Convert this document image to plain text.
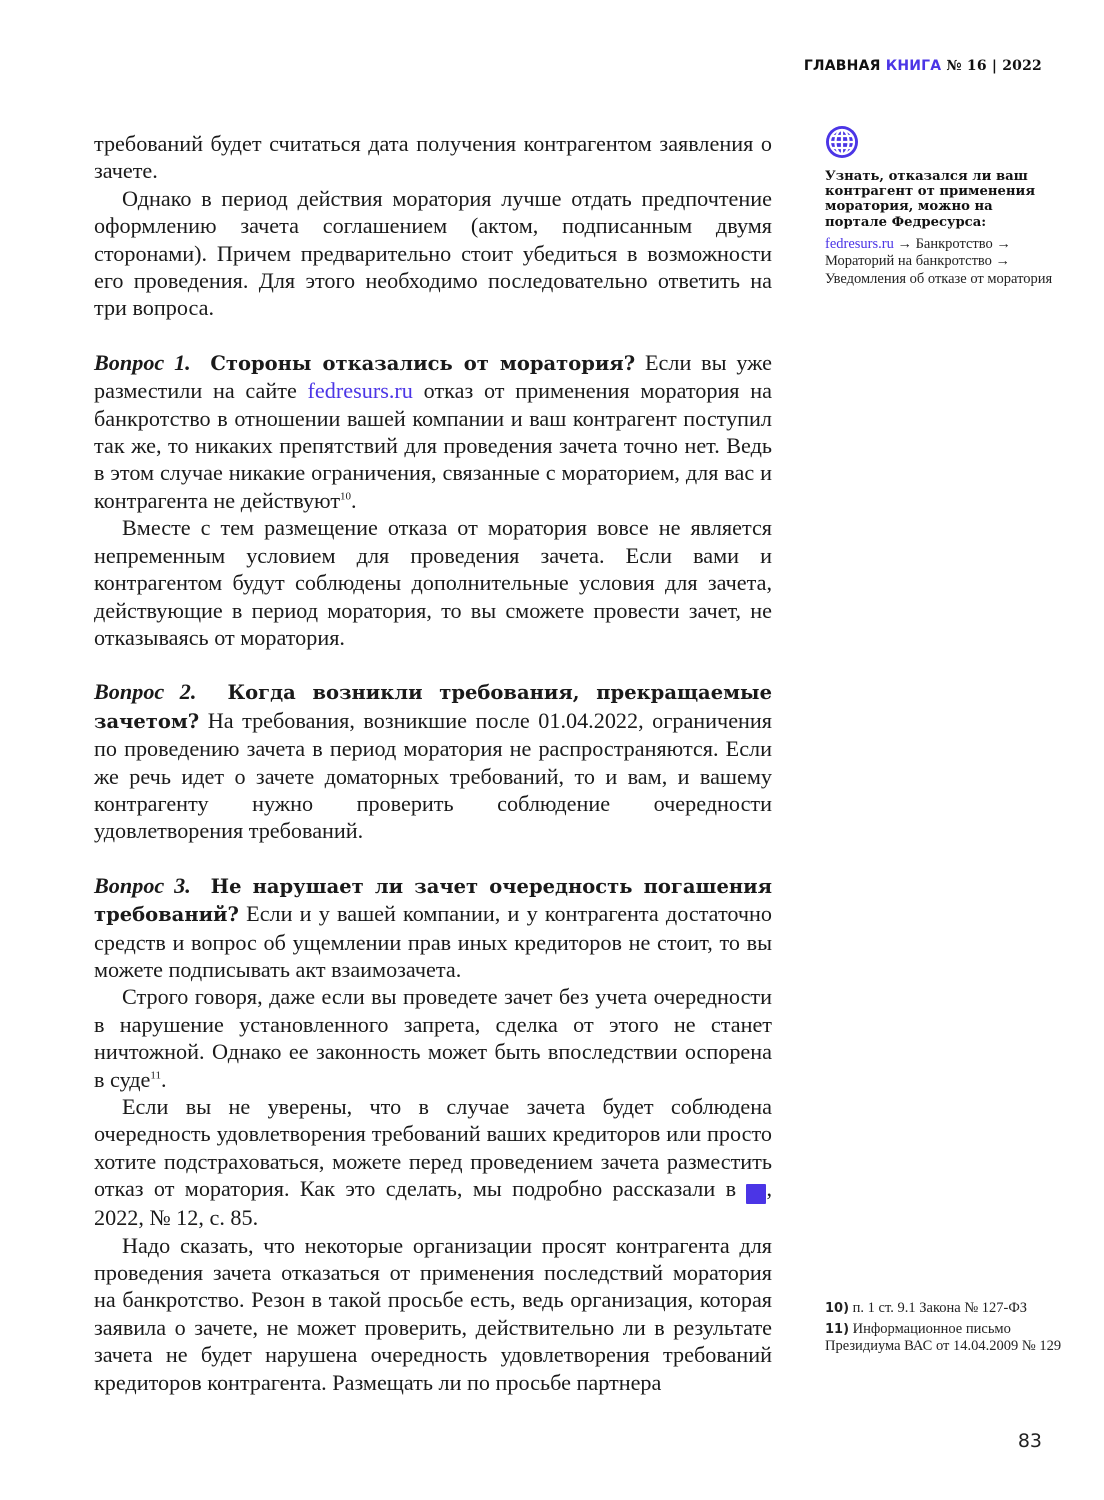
ГЛАВНАЯ КНИГА № 16 | 2022

требований будет считаться дата получения контрагентом заявления о зачете.

Однако в период действия моратория лучше отдать предпочтение оформлению зачета соглашением (актом, подписанным двумя сторонами). Причем предварительно стоит убедиться в возможности его проведения. Для этого необходимо последовательно ответить на три вопроса.

Вопрос 1. Стороны отказались от моратория? Если вы уже разместили на сайте fedresurs.ru отказ от применения моратория на банкротство в отношении вашей компании и ваш контрагент поступил так же, то никаких препятствий для проведения зачета точно нет. Ведь в этом случае никакие ограничения, связанные с мораторием, для вас и контрагента не действуют$^{10}$.

Вместе с тем размещение отказа от моратория вовсе не является непременным условием для проведения зачета. Если вами и контрагентом будут соблюдены дополнительные условия для зачета, действующие в период моратория, то вы сможете провести зачет, не отказываясь от моратория.

Вопрос 2. Когда возникли требования, прекращаемые зачетом? На требования, возникшие после 01.04.2022, ограничения по проведению зачета в период моратория не распространяются. Если же речь идет о зачете доматорных требований, то и вам, и вашему контрагенту нужно проверить соблюдение очередности удовлетворения требований.

Вопрос 3. Не нарушает ли зачет очередность погашения требований? Если и у вашей компании, и у контрагента достаточно средств и вопрос об ущемлении прав иных кредиторов не стоит, то вы можете подписывать акт взаимозачета.

Строго говоря, даже если вы проведете зачет без учета очередности в нарушение установленного запрета, сделка от этого не станет ничтожной. Однако ее законность может быть впоследствии оспорена в суде$^{11}$.

Если вы не уверены, что в случае зачета будет соблюдена очередность удовлетворения требований ваших кредиторов или просто хотите подстраховаться, можете перед проведением зачета разместить отказ от моратория. Как это сделать, мы подробно рассказали в ГК, 2022, № 12, с. 85.

Надо сказать, что некоторые организации просят контрагента для проведения зачета отказаться от применения последствий моратория на банкротство. Резон в такой просьбе есть, ведь организация, которая заявила о зачете, не может проверить, действительно ли в результате зачета не будет нарушена очередность удовлетворения требований кредиторов контрагента. Размещать ли по просьбе партнера

Узнать, отказался ли ваш контрагент от применения моратория, можно на портале Федресурса:
fedresurs.ru → Банкротство → Мораторий на банкротство → Уведомления об отказе от моратория
10) п. 1 ст. 9.1 Закона № 127-ФЗ
11) Информационное письмо Президиума ВАС от 14.04.2009 № 129
83
